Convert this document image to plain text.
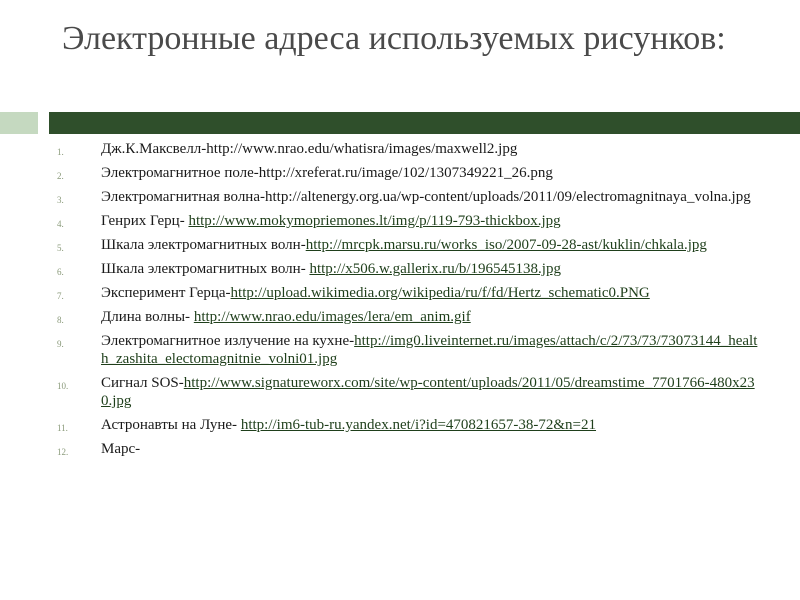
Электронные адреса используемых рисунков:
1.	Дж.К.Максвелл-http://www.nrao.edu/whatisra/images/maxwell2.jpg
2.	Электромагнитное поле-http://xreferat.ru/image/102/1307349221_26.png
3.	Электромагнитная волна-http://altenergy.org.ua/wp-content/uploads/2011/09/electromagnitnaya_volna.jpg
4.	Генрих Герц- http://www.mokymopriemones.lt/img/p/119-793-thickbox.jpg
5.	Шкала электромагнитных волн-http://mrcpk.marsu.ru/works_iso/2007-09-28-ast/kuklin/chkala.jpg
6.	Шкала электромагнитных волн- http://x506.w.gallerix.ru/b/196545138.jpg
7.	Эксперимент Герца-http://upload.wikimedia.org/wikipedia/ru/f/fd/Hertz_schematic0.PNG
8.	Длина волны- http://www.nrao.edu/images/lera/em_anim.gif
9.	Электромагнитное излучение на кухне-http://img0.liveinternet.ru/images/attach/c/2/73/73/73073144_health_zashita_electomagnitnie_volni01.jpg
10.	Сигнал SOS-http://www.signatureworx.com/site/wp-content/uploads/2011/05/dreamstime_7701766-480x230.jpg
11.	Астронавты на Луне- http://im6-tub-ru.yandex.net/i?id=470821657-38-72&n=21
12.	Марс-
